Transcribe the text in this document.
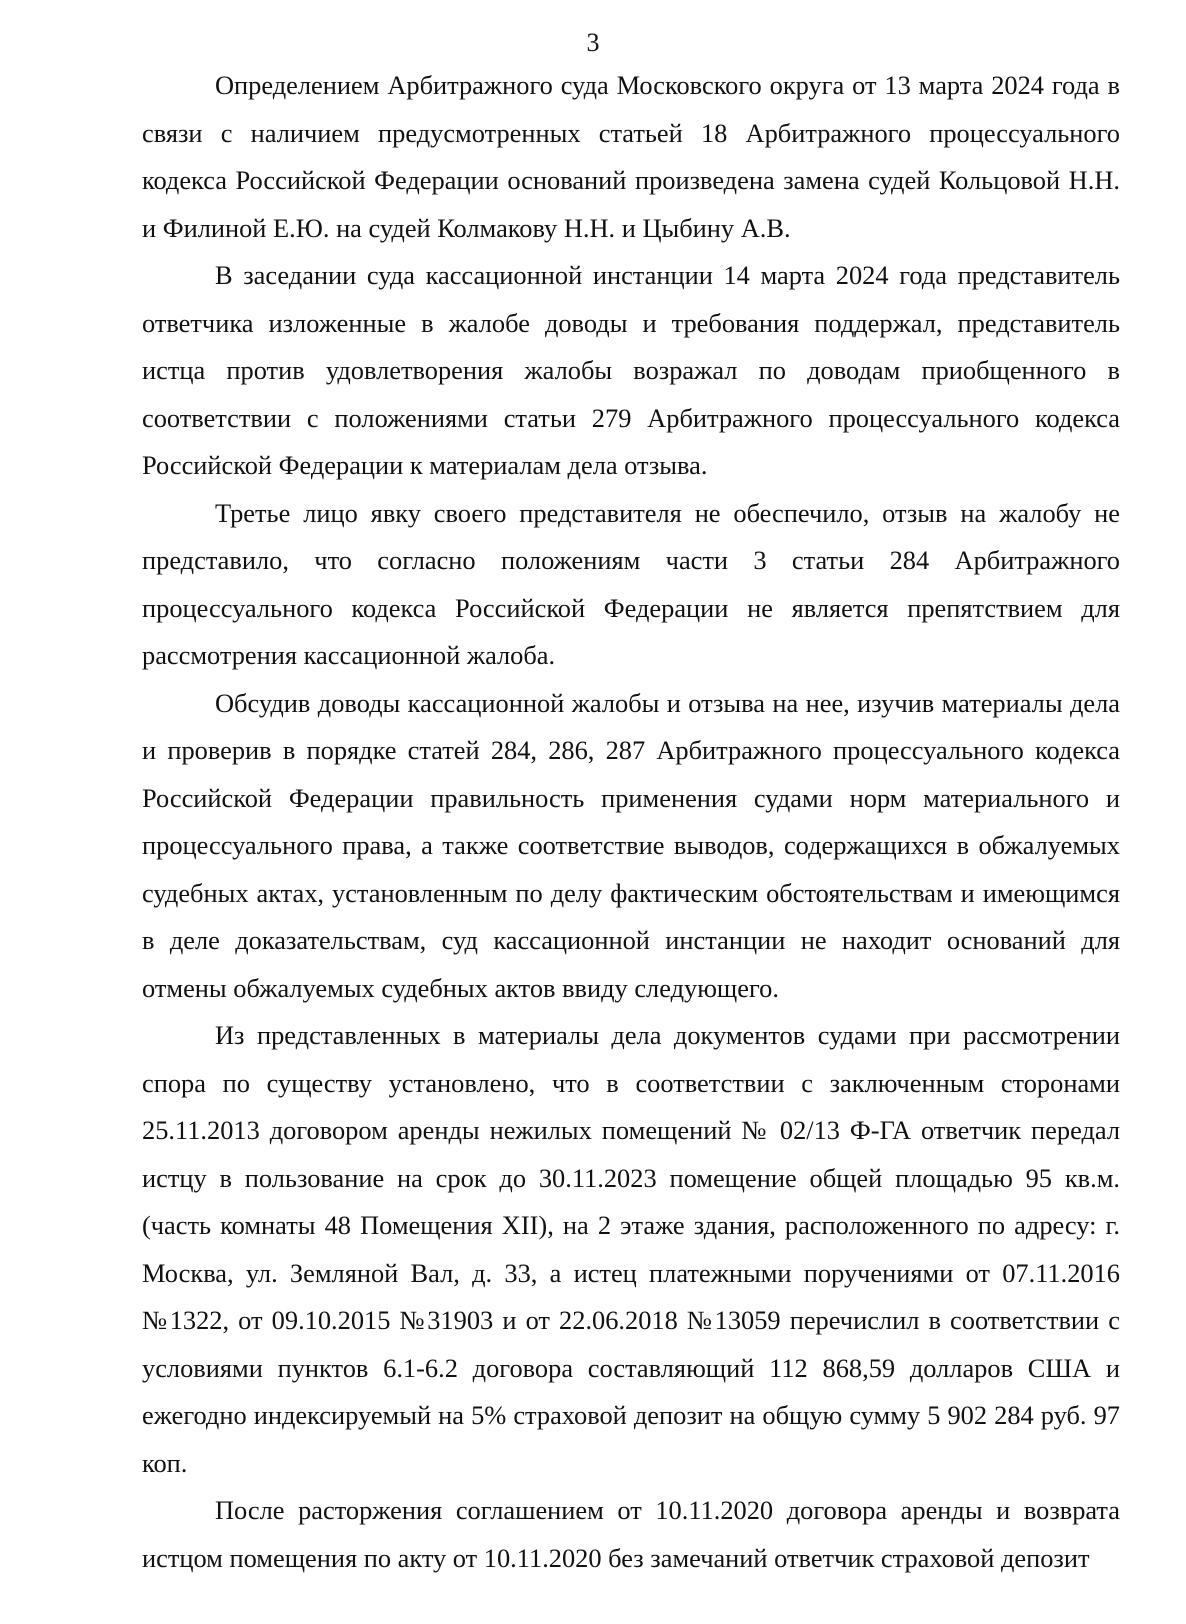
3

Определением Арбитражного суда Московского округа от 13 марта 2024 года в связи с наличием предусмотренных статьей 18 Арбитражного процессуального кодекса Российской Федерации оснований произведена замена судей Кольцовой Н.Н. и Филиной Е.Ю. на судей Колмакову Н.Н. и Цыбину А.В.

В заседании суда кассационной инстанции 14 марта 2024 года представитель ответчика изложенные в жалобе доводы и требования поддержал, представитель истца против удовлетворения жалобы возражал по доводам приобщенного в соответствии с положениями статьи 279 Арбитражного процессуального кодекса Российской Федерации к материалам дела отзыва.

Третье лицо явку своего представителя не обеспечило, отзыв на жалобу не представило, что согласно положениям части 3 статьи 284 Арбитражного процессуального кодекса Российской Федерации не является препятствием для рассмотрения кассационной жалоба.

Обсудив доводы кассационной жалобы и отзыва на нее, изучив материалы дела и проверив в порядке статей 284, 286, 287 Арбитражного процессуального кодекса Российской Федерации правильность применения судами норм материального и процессуального права, а также соответствие выводов, содержащихся в обжалуемых судебных актах, установленным по делу фактическим обстоятельствам и имеющимся в деле доказательствам, суд кассационной инстанции не находит оснований для отмены обжалуемых судебных актов ввиду следующего.

Из представленных в материалы дела документов судами при рассмотрении спора по существу установлено, что в соответствии с заключенным сторонами 25.11.2013 договором аренды нежилых помещений № 02/13 Ф-ГА ответчик передал истцу в пользование на срок до 30.11.2023 помещение общей площадью 95 кв.м. (часть комнаты 48 Помещения XII), на 2 этаже здания, расположенного по адресу: г. Москва, ул. Земляной Вал, д. 33, а истец платежными поручениями от 07.11.2016 №1322, от 09.10.2015 №31903 и от 22.06.2018 №13059 перечислил в соответствии с условиями пунктов 6.1-6.2 договора составляющий 112 868,59 долларов США и ежегодно индексируемый на 5% страховой депозит на общую сумму 5 902 284 руб. 97 коп.

После расторжения соглашением от 10.11.2020 договора аренды и возврата истцом помещения по акту от 10.11.2020 без замечаний ответчик страховой депозит
